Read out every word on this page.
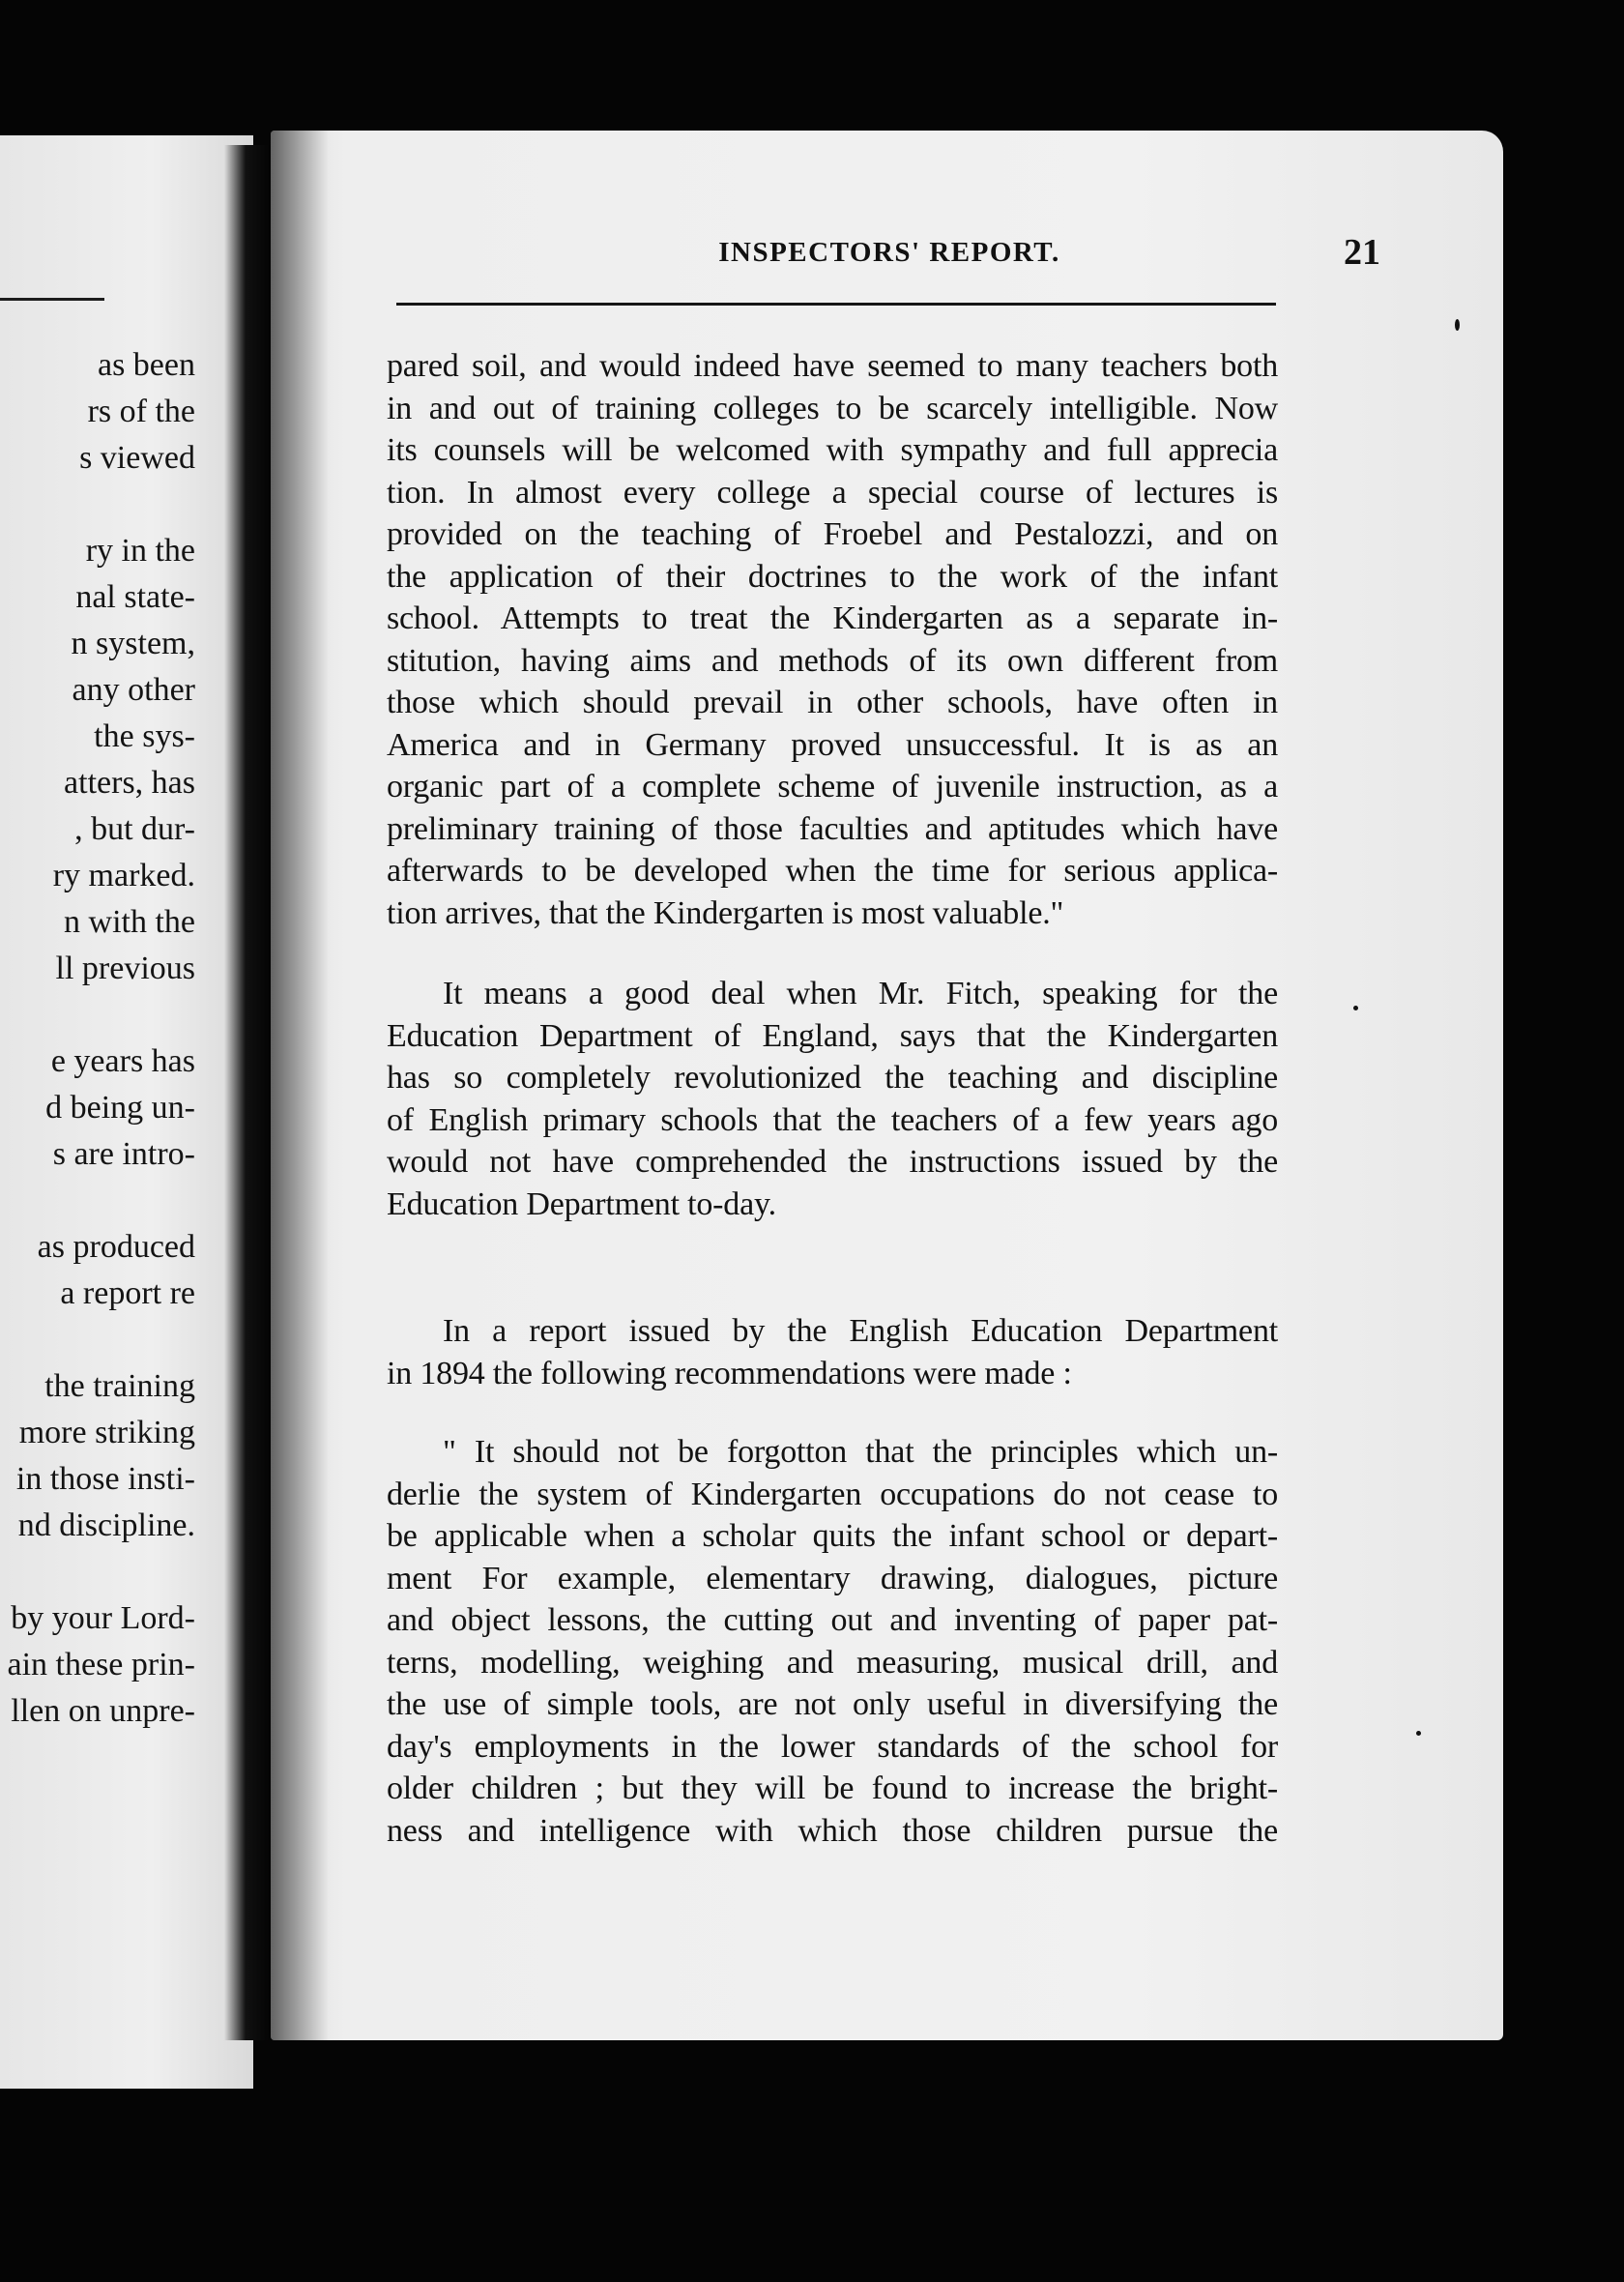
as been
rs of the
s viewed
ry in the
nal state-
n system,
any other
the sys-
atters, has
, but dur-
ry marked.
n with the
ll previous
e years has
d being un-
s are intro-
as produced
a report re
the training
more striking
in those insti-
nd discipline.
by your Lord-
ain these prin-
llen on unpre-
INSPECTORS' REPORT.	21
pared soil, and would indeed have seemed to many teachers both
in and out of training colleges to be scarcely intelligible. Now
its counsels will be welcomed with sympathy and full apprecia
tion. In almost every college a special course of lectures is
provided on the teaching of Froebel and Pestalozzi, and on
the application of their doctrines to the work of the infant
school. Attempts to treat the Kindergarten as a separate in-
stitution, having aims and methods of its own different from
those which should prevail in other schools, have often in
America and in Germany proved unsuccessful. It is as an
organic part of a complete scheme of juvenile instruction, as a
preliminary training of those faculties and aptitudes which have
afterwards to be developed when the time for serious applica-
tion arrives, that the Kindergarten is most valuable."
It means a good deal when Mr. Fitch, speaking for the
Education Department of England, says that the Kindergarten
has so completely revolutionized the teaching and discipline
of English primary schools that the teachers of a few years ago
would not have comprehended the instructions issued by the
Education Department to-day.
In a report issued by the English Education Department
in 1894 the following recommendations were made :
" It should not be forgotton that the principles which un-
derlie the system of Kindergarten occupations do not cease to
be applicable when a scholar quits the infant school or depart-
ment For example, elementary drawing, dialogues, picture
and object lessons, the cutting out and inventing of paper pat-
terns, modelling, weighing and measuring, musical drill, and
the use of simple tools, are not only useful in diversifying the
day's employments in the lower standards of the school for
older children ; but they will be found to increase the bright-
ness and intelligence with which those children pursue the
